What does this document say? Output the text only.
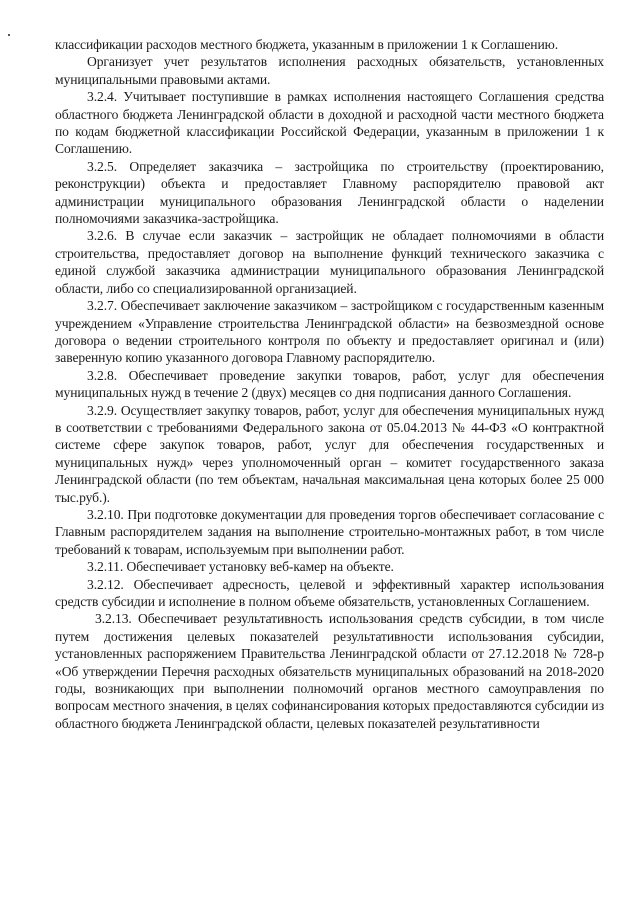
классификации расходов местного бюджета, указанным в приложении 1 к Соглашению.

Организует учет результатов исполнения расходных обязательств, установленных муниципальными правовыми актами.

3.2.4. Учитывает поступившие в рамках исполнения настоящего Соглашения средства областного бюджета Ленинградской области в доходной и расходной части местного бюджета по кодам бюджетной классификации Российской Федерации, указанным в приложении 1 к Соглашению.

3.2.5. Определяет заказчика – застройщика по строительству (проектированию, реконструкции) объекта и предоставляет Главному распорядителю правовой акт администрации муниципального образования Ленинградской области о наделении полномочиями заказчика-застройщика.

3.2.6. В случае если заказчик – застройщик не обладает полномочиями в области строительства, предоставляет договор на выполнение функций технического заказчика с единой службой заказчика администрации муниципального образования Ленинградской области, либо со специализированной организацией.

3.2.7. Обеспечивает заключение заказчиком – застройщиком с государственным казенным учреждением «Управление строительства Ленинградской области» на безвозмездной основе договора о ведении строительного контроля по объекту и предоставляет оригинал и (или) заверенную копию указанного договора Главному распорядителю.

3.2.8. Обеспечивает проведение закупки товаров, работ, услуг для обеспечения муниципальных нужд в течение 2 (двух) месяцев со дня подписания данного Соглашения.

3.2.9. Осуществляет закупку товаров, работ, услуг для обеспечения муниципальных нужд в соответствии с требованиями Федерального закона от 05.04.2013 № 44-ФЗ «О контрактной системе сфере закупок товаров, работ, услуг для обеспечения государственных и муниципальных нужд» через уполномоченный орган – комитет государственного заказа Ленинградской области (по тем объектам, начальная максимальная цена которых более 25 000 тыс.руб.).

3.2.10. При подготовке документации для проведения торгов обеспечивает согласование с Главным распорядителем задания на выполнение строительно-монтажных работ, в том числе требований к товарам, используемым при выполнении работ.

3.2.11. Обеспечивает установку веб-камер на объекте.

3.2.12. Обеспечивает адресность, целевой и эффективный характер использования средств субсидии и исполнение в полном объеме обязательств, установленных Соглашением.

3.2.13. Обеспечивает результативность использования средств субсидии, в том числе путем достижения целевых показателей результативности использования субсидии, установленных распоряжением Правительства Ленинградской области от 27.12.2018 № 728-р «Об утверждении Перечня расходных обязательств муниципальных образований на 2018-2020 годы, возникающих при выполнении полномочий органов местного самоуправления по вопросам местного значения, в целях софинансирования которых предоставляются субсидии из областного бюджета Ленинградской области, целевых показателей результативности
